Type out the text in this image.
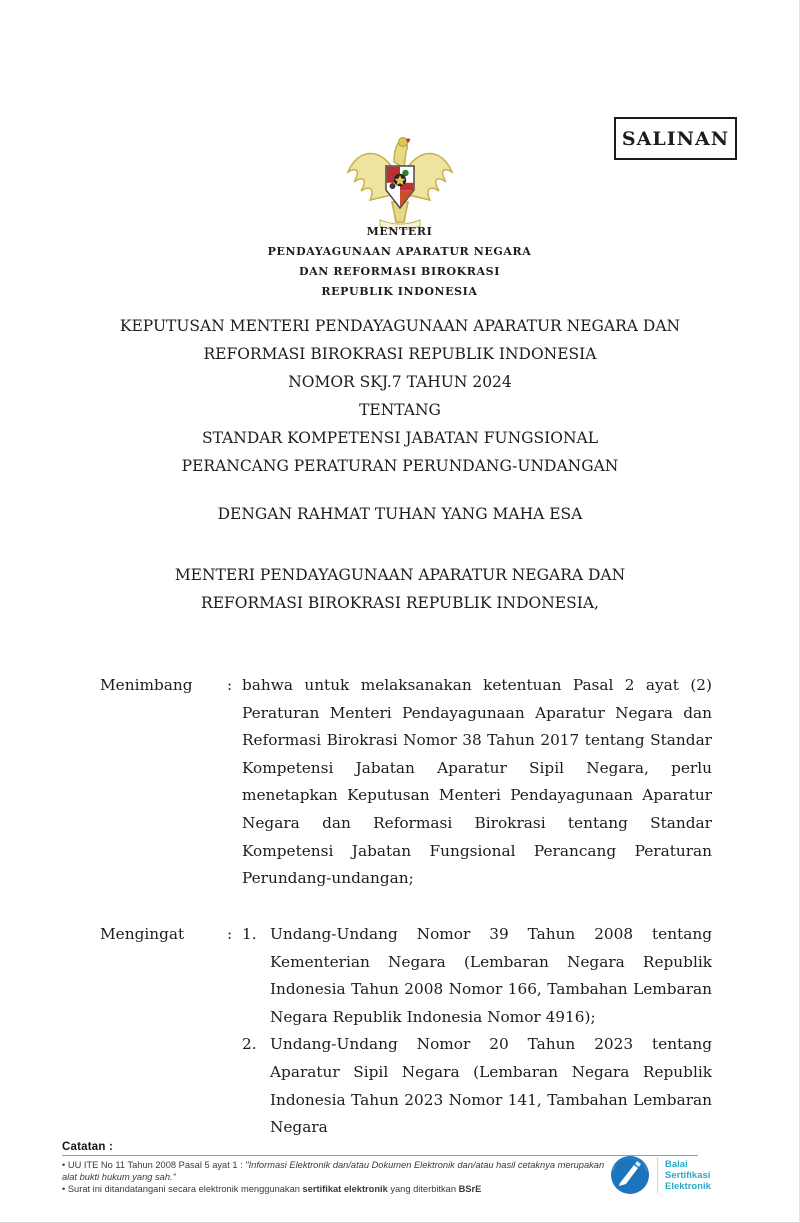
SALINAN
MENTERI
PENDAYAGUNAAN APARATUR NEGARA
DAN REFORMASI BIROKRASI
REPUBLIK INDONESIA
KEPUTUSAN MENTERI PENDAYAGUNAAN APARATUR NEGARA DAN
REFORMASI BIROKRASI REPUBLIK INDONESIA
NOMOR SKJ.7 TAHUN 2024
TENTANG
STANDAR KOMPETENSI JABATAN FUNGSIONAL
PERANCANG PERATURAN PERUNDANG-UNDANGAN
DENGAN RAHMAT TUHAN YANG MAHA ESA
MENTERI PENDAYAGUNAAN APARATUR NEGARA DAN
REFORMASI BIROKRASI REPUBLIK INDONESIA,
Menimbang	: bahwa untuk melaksanakan ketentuan Pasal 2 ayat (2) Peraturan Menteri Pendayagunaan Aparatur Negara dan Reformasi Birokrasi Nomor 38 Tahun 2017 tentang Standar Kompetensi Jabatan Aparatur Sipil Negara, perlu menetapkan Keputusan Menteri Pendayagunaan Aparatur Negara dan Reformasi Birokrasi tentang Standar Kompetensi Jabatan Fungsional Perancang Peraturan Perundang-undangan;
Mengingat	: 1. Undang-Undang Nomor 39 Tahun 2008 tentang Kementerian Negara (Lembaran Negara Republik Indonesia Tahun 2008 Nomor 166, Tambahan Lembaran Negara Republik Indonesia Nomor 4916);
2. Undang-Undang Nomor 20 Tahun 2023 tentang Aparatur Sipil Negara (Lembaran Negara Republik Indonesia Tahun 2023 Nomor 141, Tambahan Lembaran Negara
Catatan :
• UU ITE No 11 Tahun 2008 Pasal 5 ayat 1 : "Informasi Elektronik dan/atau Dokumen Elektronik dan/atau hasil cetaknya merupakan alat bukti hukum yang sah."
• Surat ini ditandatangani secara elektronik menggunakan sertifikat elektronik yang diterbitkan BSrE
Balai
Sertifikasi
Elektronik
